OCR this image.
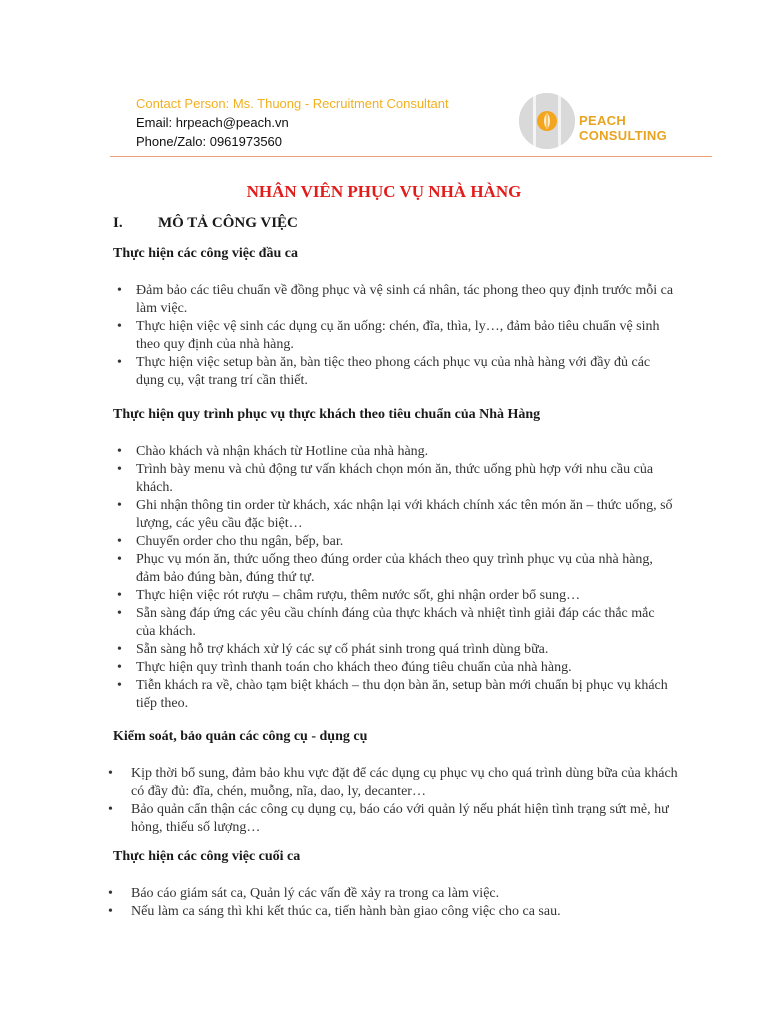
Contact Person: Ms. Thuong - Recruitment Consultant
Email: hrpeach@peach.vn
Phone/Zalo: 0961973560
PEACH CONSULTING
NHÂN VIÊN PHỤC VỤ NHÀ HÀNG
I. MÔ TẢ CÔNG VIỆC
Thực hiện các công việc đầu ca
• Đảm bảo các tiêu chuẩn về đồng phục và vệ sinh cá nhân, tác phong theo quy định trước mỗi ca làm việc.
• Thực hiện việc vệ sinh các dụng cụ ăn uống: chén, đĩa, thìa, ly…, đảm bảo tiêu chuẩn vệ sinh theo quy định của nhà hàng.
• Thực hiện việc setup bàn ăn, bàn tiệc theo phong cách phục vụ của nhà hàng với đầy đủ các dụng cụ, vật trang trí cần thiết.
Thực hiện quy trình phục vụ thực khách theo tiêu chuẩn của Nhà Hàng
• Chào khách và nhận khách từ Hotline của nhà hàng.
• Trình bày menu và chủ động tư vấn khách chọn món ăn, thức uống phù hợp với nhu cầu của khách.
• Ghi nhận thông tin order từ khách, xác nhận lại với khách chính xác tên món ăn – thức uống, số lượng, các yêu cầu đặc biệt…
• Chuyển order cho thu ngân, bếp, bar.
• Phục vụ món ăn, thức uống theo đúng order của khách theo quy trình phục vụ của nhà hàng, đảm bảo đúng bàn, đúng thứ tự.
• Thực hiện việc rót rượu – châm rượu, thêm nước sốt, ghi nhận order bổ sung…
• Sẵn sàng đáp ứng các yêu cầu chính đáng của thực khách và nhiệt tình giải đáp các thắc mắc của khách.
• Sẵn sàng hỗ trợ khách xử lý các sự cố phát sinh trong quá trình dùng bữa.
• Thực hiện quy trình thanh toán cho khách theo đúng tiêu chuẩn của nhà hàng.
• Tiễn khách ra về, chào tạm biệt khách – thu dọn bàn ăn, setup bàn mới chuẩn bị phục vụ khách tiếp theo.
Kiểm soát, bảo quản các công cụ - dụng cụ
• Kịp thời bổ sung, đảm bảo khu vực đặt để các dụng cụ phục vụ cho quá trình dùng bữa của khách có đầy đủ: đĩa, chén, muỗng, nĩa, dao, ly, decanter…
• Bảo quản cẩn thận các công cụ dụng cụ, báo cáo với quản lý nếu phát hiện tình trạng sứt mẻ, hư hỏng, thiếu số lượng…
Thực hiện các công việc cuối ca
• Báo cáo giám sát ca, Quản lý các vấn đề xảy ra trong ca làm việc.
• Nếu làm ca sáng thì khi kết thúc ca, tiến hành bàn giao công việc cho ca sau.
